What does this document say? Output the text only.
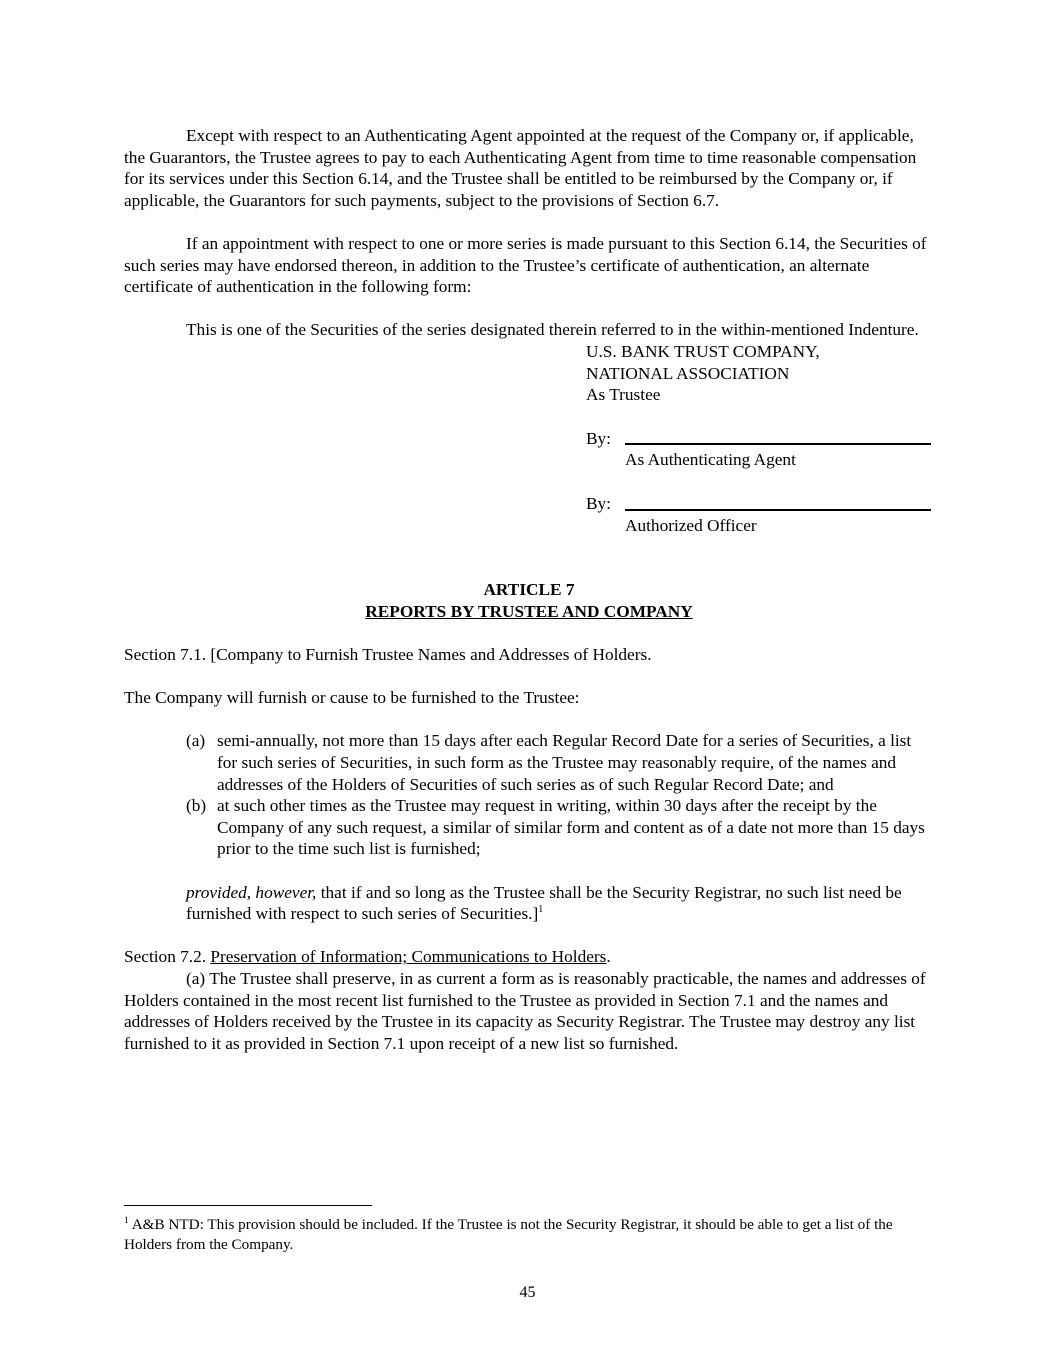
Except with respect to an Authenticating Agent appointed at the request of the Company or, if applicable, the Guarantors, the Trustee agrees to pay to each Authenticating Agent from time to time reasonable compensation for its services under this Section 6.14, and the Trustee shall be entitled to be reimbursed by the Company or, if applicable, the Guarantors for such payments, subject to the provisions of Section 6.7.

If an appointment with respect to one or more series is made pursuant to this Section 6.14, the Securities of such series may have endorsed thereon, in addition to the Trustee’s certificate of authentication, an alternate certificate of authentication in the following form:

This is one of the Securities of the series designated therein referred to in the within-mentioned Indenture.

U.S. BANK TRUST COMPANY,

NATIONAL ASSOCIATION

As Trustee

By:

As Authenticating Agent

By:

Authorized Officer

ARTICLE 7

REPORTS BY TRUSTEE AND COMPANY

Section 7.1. [Company to Furnish Trustee Names and Addresses of Holders.

The Company will furnish or cause to be furnished to the Trustee:

(a) semi-annually, not more than 15 days after each Regular Record Date for a series of Securities, a list for such series of Securities, in such form as the Trustee may reasonably require, of the names and addresses of the Holders of Securities of such series as of such Regular Record Date; and
(b) at such other times as the Trustee may request in writing, within 30 days after the receipt by the Company of any such request, a similar of similar form and content as of a date not more than 15 days prior to the time such list is furnished;

provided, however, that if and so long as the Trustee shall be the Security Registrar, no such list need be furnished with respect to such series of Securities.]$^1$

Section 7.2. Preservation of Information; Communications to Holders.

(a) The Trustee shall preserve, in as current a form as is reasonably practicable, the names and addresses of Holders contained in the most recent list furnished to the Trustee as provided in Section 7.1 and the names and addresses of Holders received by the Trustee in its capacity as Security Registrar. The Trustee may destroy any list furnished to it as provided in Section 7.1 upon receipt of a new list so furnished.

$^1$ A&B NTD: This provision should be included. If the Trustee is not the Security Registrar, it should be able to get a list of the Holders from the Company.

45
